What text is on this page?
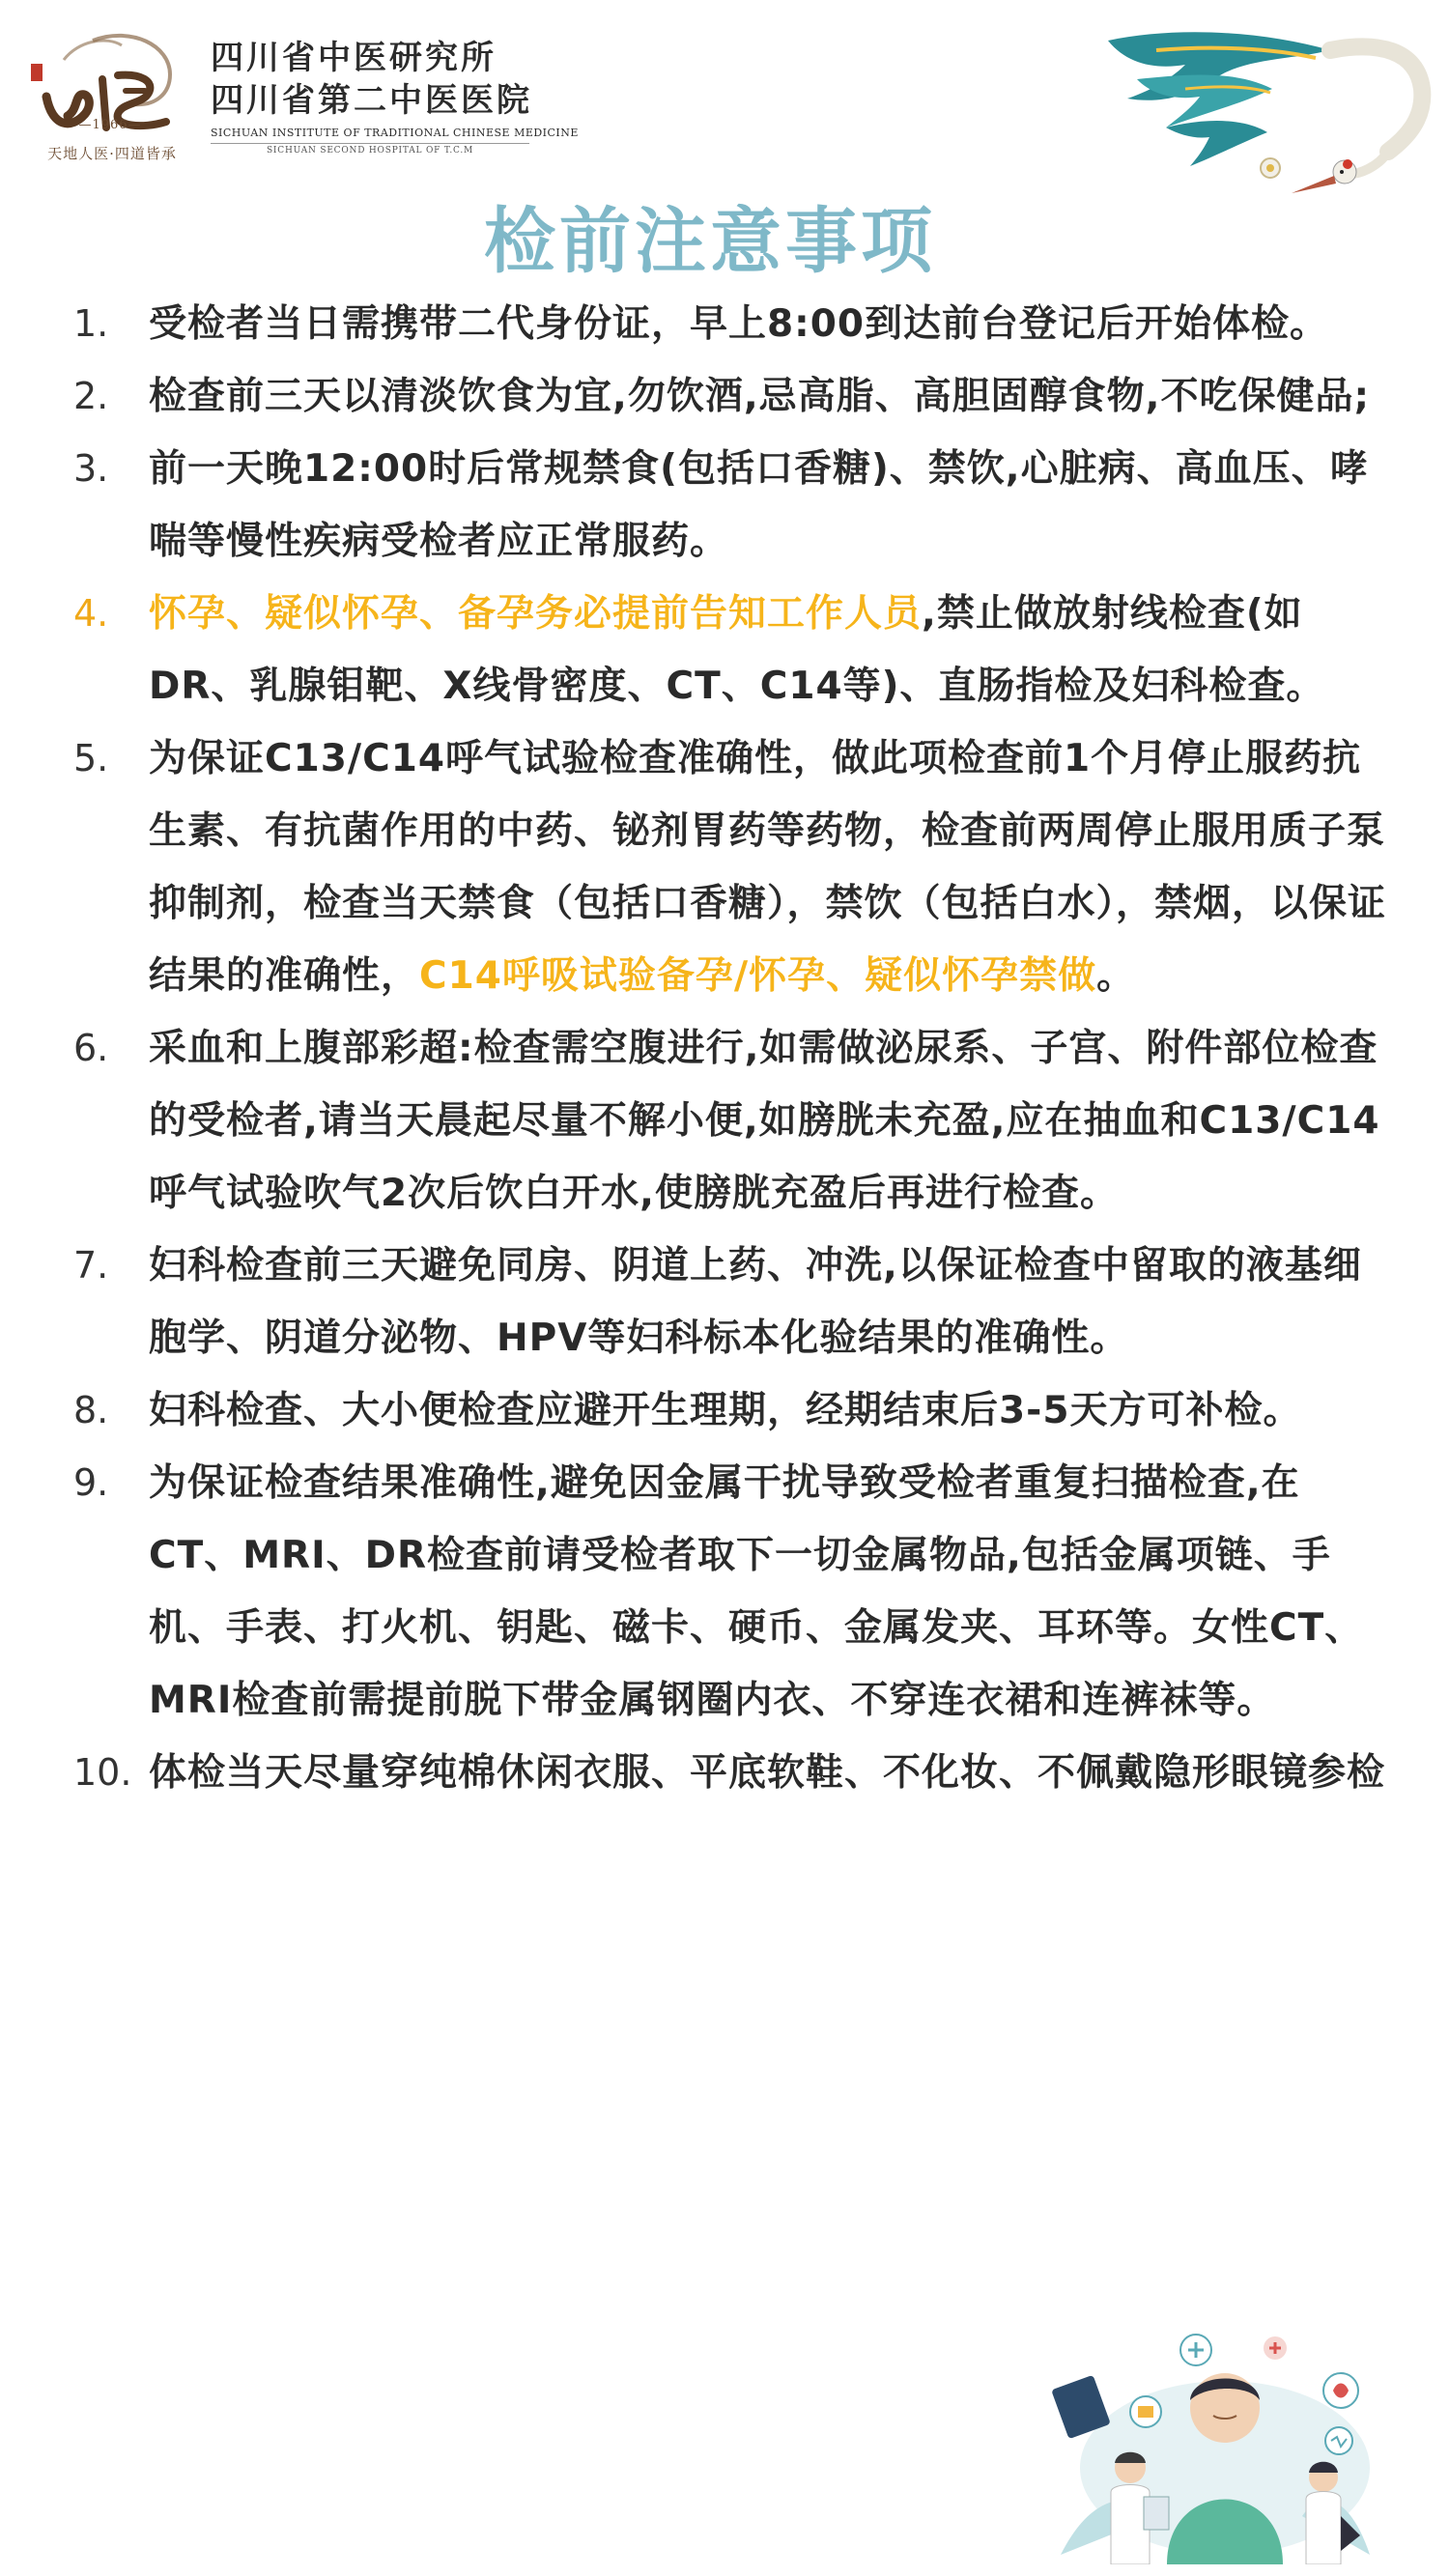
—1966—
天地人医·四道皆承
四川省中医研究所
四川省第二中医医院
SICHUAN INSTITUTE OF TRADITIONAL CHINESE MEDICINE
SICHUAN SECOND HOSPITAL OF T.C.M
检前注意事项
1.	受检者当日需携带二代身份证，早上8:00到达前台登记后开始体检。
2.	检查前三天以清淡饮食为宜,勿饮酒,忌高脂、高胆固醇食物,不吃保健品;
3.	前一天晚12:00时后常规禁食(包括口香糖)、禁饮,心脏病、高血压、哮喘等慢性疾病受检者应正常服药。
4.	怀孕、疑似怀孕、备孕务必提前告知工作人员,禁止做放射线检查(如DR、乳腺钼靶、X线骨密度、CT、C14等)、直肠指检及妇科检查。
5.	为保证C13/C14呼气试验检查准确性，做此项检查前1个月停止服药抗生素、有抗菌作用的中药、铋剂胃药等药物，检查前两周停止服用质子泵抑制剂，检查当天禁食（包括口香糖），禁饮（包括白水），禁烟，以保证结果的准确性，C14呼吸试验备孕/怀孕、疑似怀孕禁做。
6.	采血和上腹部彩超:检查需空腹进行,如需做泌尿系、子宫、附件部位检查的受检者,请当天晨起尽量不解小便,如膀胱未充盈,应在抽血和C13/C14呼气试验吹气2次后饮白开水,使膀胱充盈后再进行检查。
7.	妇科检查前三天避免同房、阴道上药、冲洗,以保证检查中留取的液基细胞学、阴道分泌物、HPV等妇科标本化验结果的准确性。
8.	妇科检查、大小便检查应避开生理期，经期结束后3-5天方可补检。
9.	为保证检查结果准确性,避免因金属干扰导致受检者重复扫描检查,在CT、MRI、DR检查前请受检者取下一切金属物品,包括金属项链、手机、手表、打火机、钥匙、磁卡、硬币、金属发夹、耳环等。女性CT、MRI检查前需提前脱下带金属钢圈内衣、不穿连衣裙和连裤袜等。
10. 体检当天尽量穿纯棉休闲衣服、平底软鞋、不化妆、不佩戴隐形眼镜参检
